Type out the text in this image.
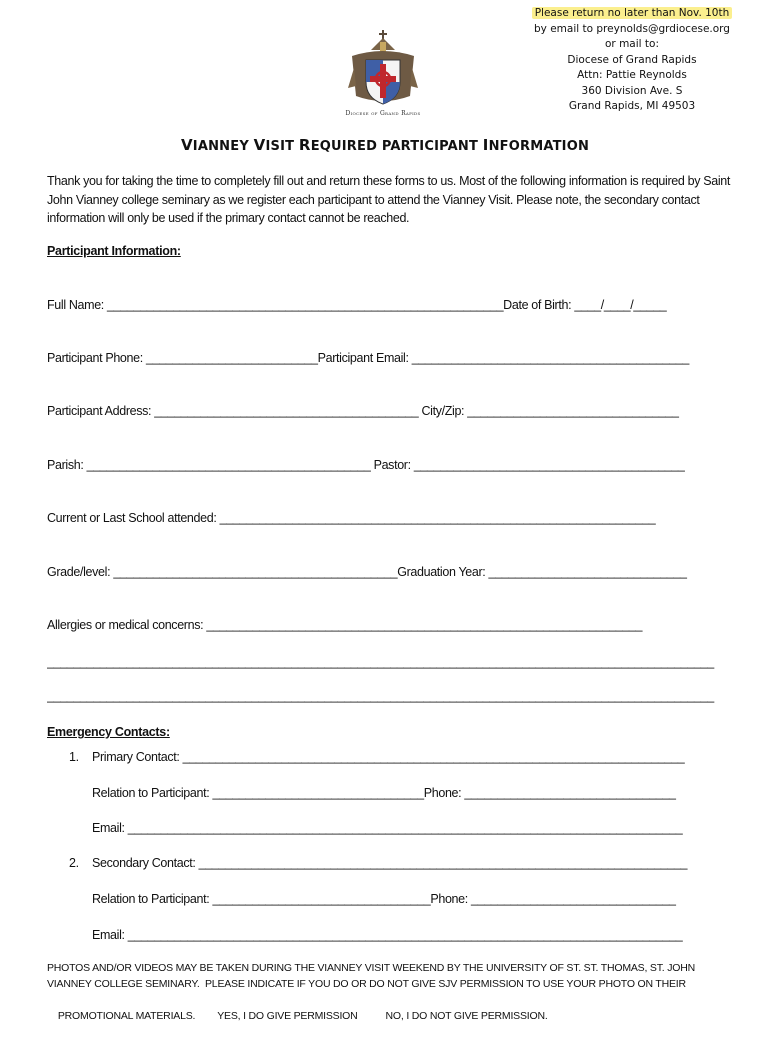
Diocese of Grand Rapids
Please return no later than Nov. 10th
by email to preynolds@grdiocese.org
or mail to:
Diocese of Grand Rapids
Attn: Pattie Reynolds
360 Division Ave. S
Grand Rapids, MI 49503
VIANNEY VISIT REQUIRED PARTICIPANT INFORMATION
Thank you for taking the time to completely fill out and return these forms to us. Most of the following information is required by Saint John Vianney college seminary as we register each participant to attend the Vianney Visit. Please note, the secondary contact information will only be used if the primary contact cannot be reached.
Participant Information:
Full Name: ____________________________________________________________Date of Birth: ____/____/_____
Participant Phone: __________________________Participant Email: __________________________________________
Participant Address: ________________________________________ City/Zip: ________________________________
Parish: ___________________________________________ Pastor: _________________________________________
Current or Last School attended: __________________________________________________________________
Grade/level: ___________________________________________Graduation Year: ______________________________
Allergies or medical concerns: __________________________________________________________________
_____________________________________________________________________________________________________
_____________________________________________________________________________________________________
Emergency Contacts:
1. Primary Contact: ____________________________________________________________________________
Relation to Participant: ________________________________Phone: ________________________________
Email: ____________________________________________________________________________________
2. Secondary Contact: __________________________________________________________________________
Relation to Participant: _________________________________Phone: _______________________________
Email: ____________________________________________________________________________________
PHOTOS AND/OR VIDEOS MAY BE TAKEN DURING THE VIANNEY VISIT WEEKEND BY THE UNIVERSITY OF ST. ST. THOMAS, ST. JOHN
VIANNEY COLLEGE SEMINARY.  PLEASE INDICATE IF YOU DO OR DO NOT GIVE SJV PERMISSION TO USE YOUR PHOTO ON THEIR

PROMOTIONAL MATERIALS. YES, I DO GIVE PERMISSION	NO, I DO NOT GIVE PERMISSION.
